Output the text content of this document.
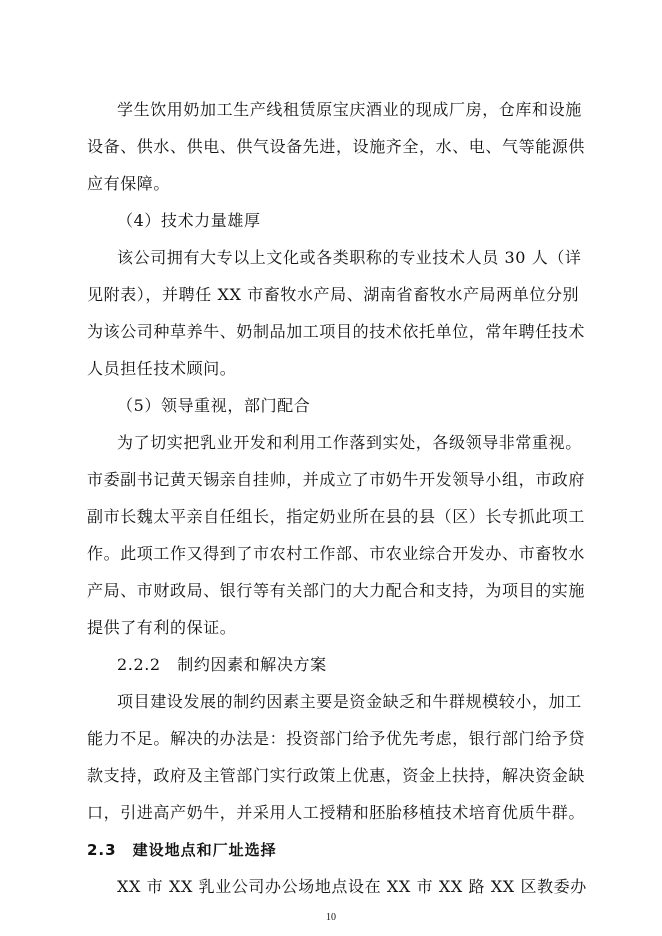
学生饮用奶加工生产线租赁原宝庆酒业的现成厂房，仓库和设施
设备、供水、供电、供气设备先进，设施齐全，水、电、气等能源供
应有保障。
（4）技术力量雄厚
该公司拥有大专以上文化或各类职称的专业技术人员 30 人（详
见附表），并聘任 XX 市畜牧水产局、湖南省畜牧水产局两单位分别
为该公司种草养牛、奶制品加工项目的技术依托单位，常年聘任技术
人员担任技术顾问。
（5）领导重视，部门配合
为了切实把乳业开发和利用工作落到实处，各级领导非常重视。
市委副书记黄天锡亲自挂帅，并成立了市奶牛开发领导小组，市政府
副市长魏太平亲自任组长，指定奶业所在县的县（区）长专抓此项工
作。此项工作又得到了市农村工作部、市农业综合开发办、市畜牧水
产局、市财政局、银行等有关部门的大力配合和支持，为项目的实施
提供了有利的保证。
2.2.2　制约因素和解决方案
项目建设发展的制约因素主要是资金缺乏和牛群规模较小，加工
能力不足。解决的办法是：投资部门给予优先考虑，银行部门给予贷
款支持，政府及主管部门实行政策上优惠，资金上扶持，解决资金缺
口，引进高产奶牛，并采用人工授精和胚胎移植技术培育优质牛群。
2.3　建设地点和厂址选择
XX 市 XX 乳业公司办公场地点设在 XX 市 XX 路 XX 区教委办
10
